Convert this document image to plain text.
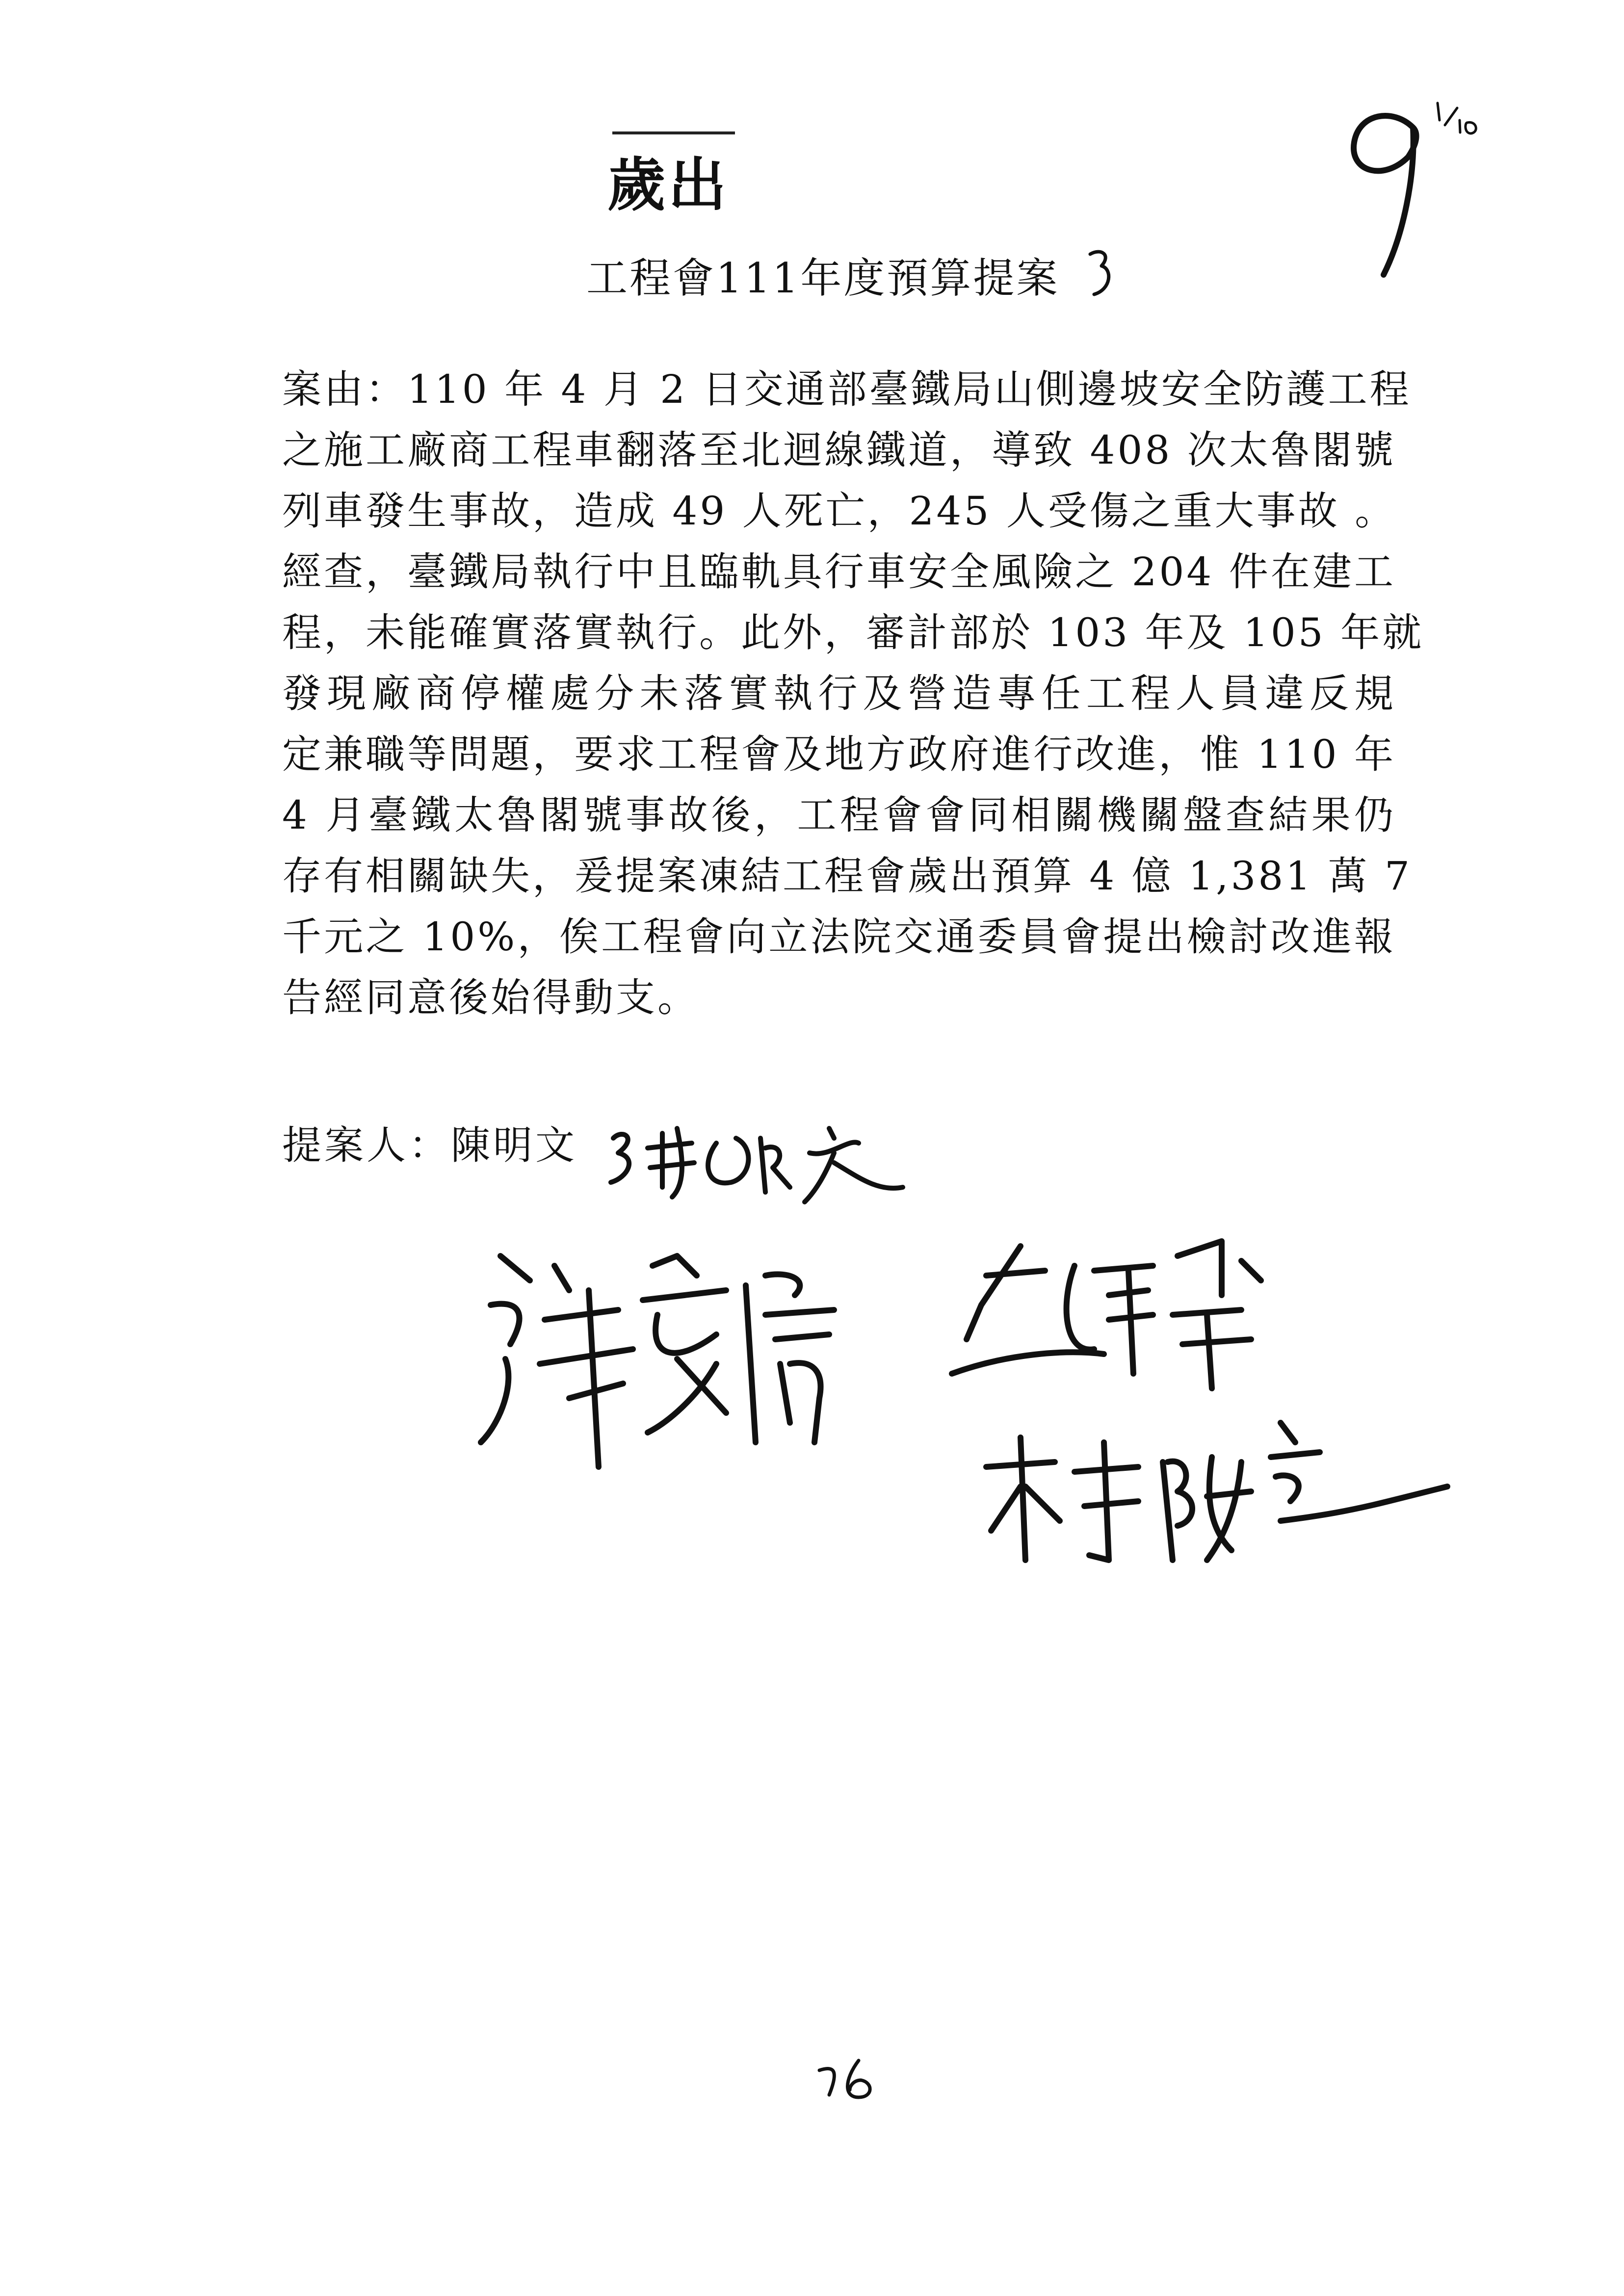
歲出
工程會111年度預算提案
案由：110 年 4 月 2 日交通部臺鐵局山側邊坡安全防護工程
之施工廠商工程車翻落至北迴線鐵道，導致 408 次太魯閣號
列車發生事故，造成 49 人死亡，245 人受傷之重大事故 。
經查，臺鐵局執行中且臨軌具行車安全風險之 204 件在建工
程，未能確實落實執行。此外，審計部於 103 年及 105 年就
發現廠商停權處分未落實執行及營造專任工程人員違反規
定兼職等問題，要求工程會及地方政府進行改進，惟 110 年
4 月臺鐵太魯閣號事故後，工程會會同相關機關盤查結果仍
存有相關缺失，爰提案凍結工程會歲出預算 4 億 1,381 萬 7
千元之 10%，俟工程會向立法院交通委員會提出檢討改進報
告經同意後始得動支。
提案人：陳明文
